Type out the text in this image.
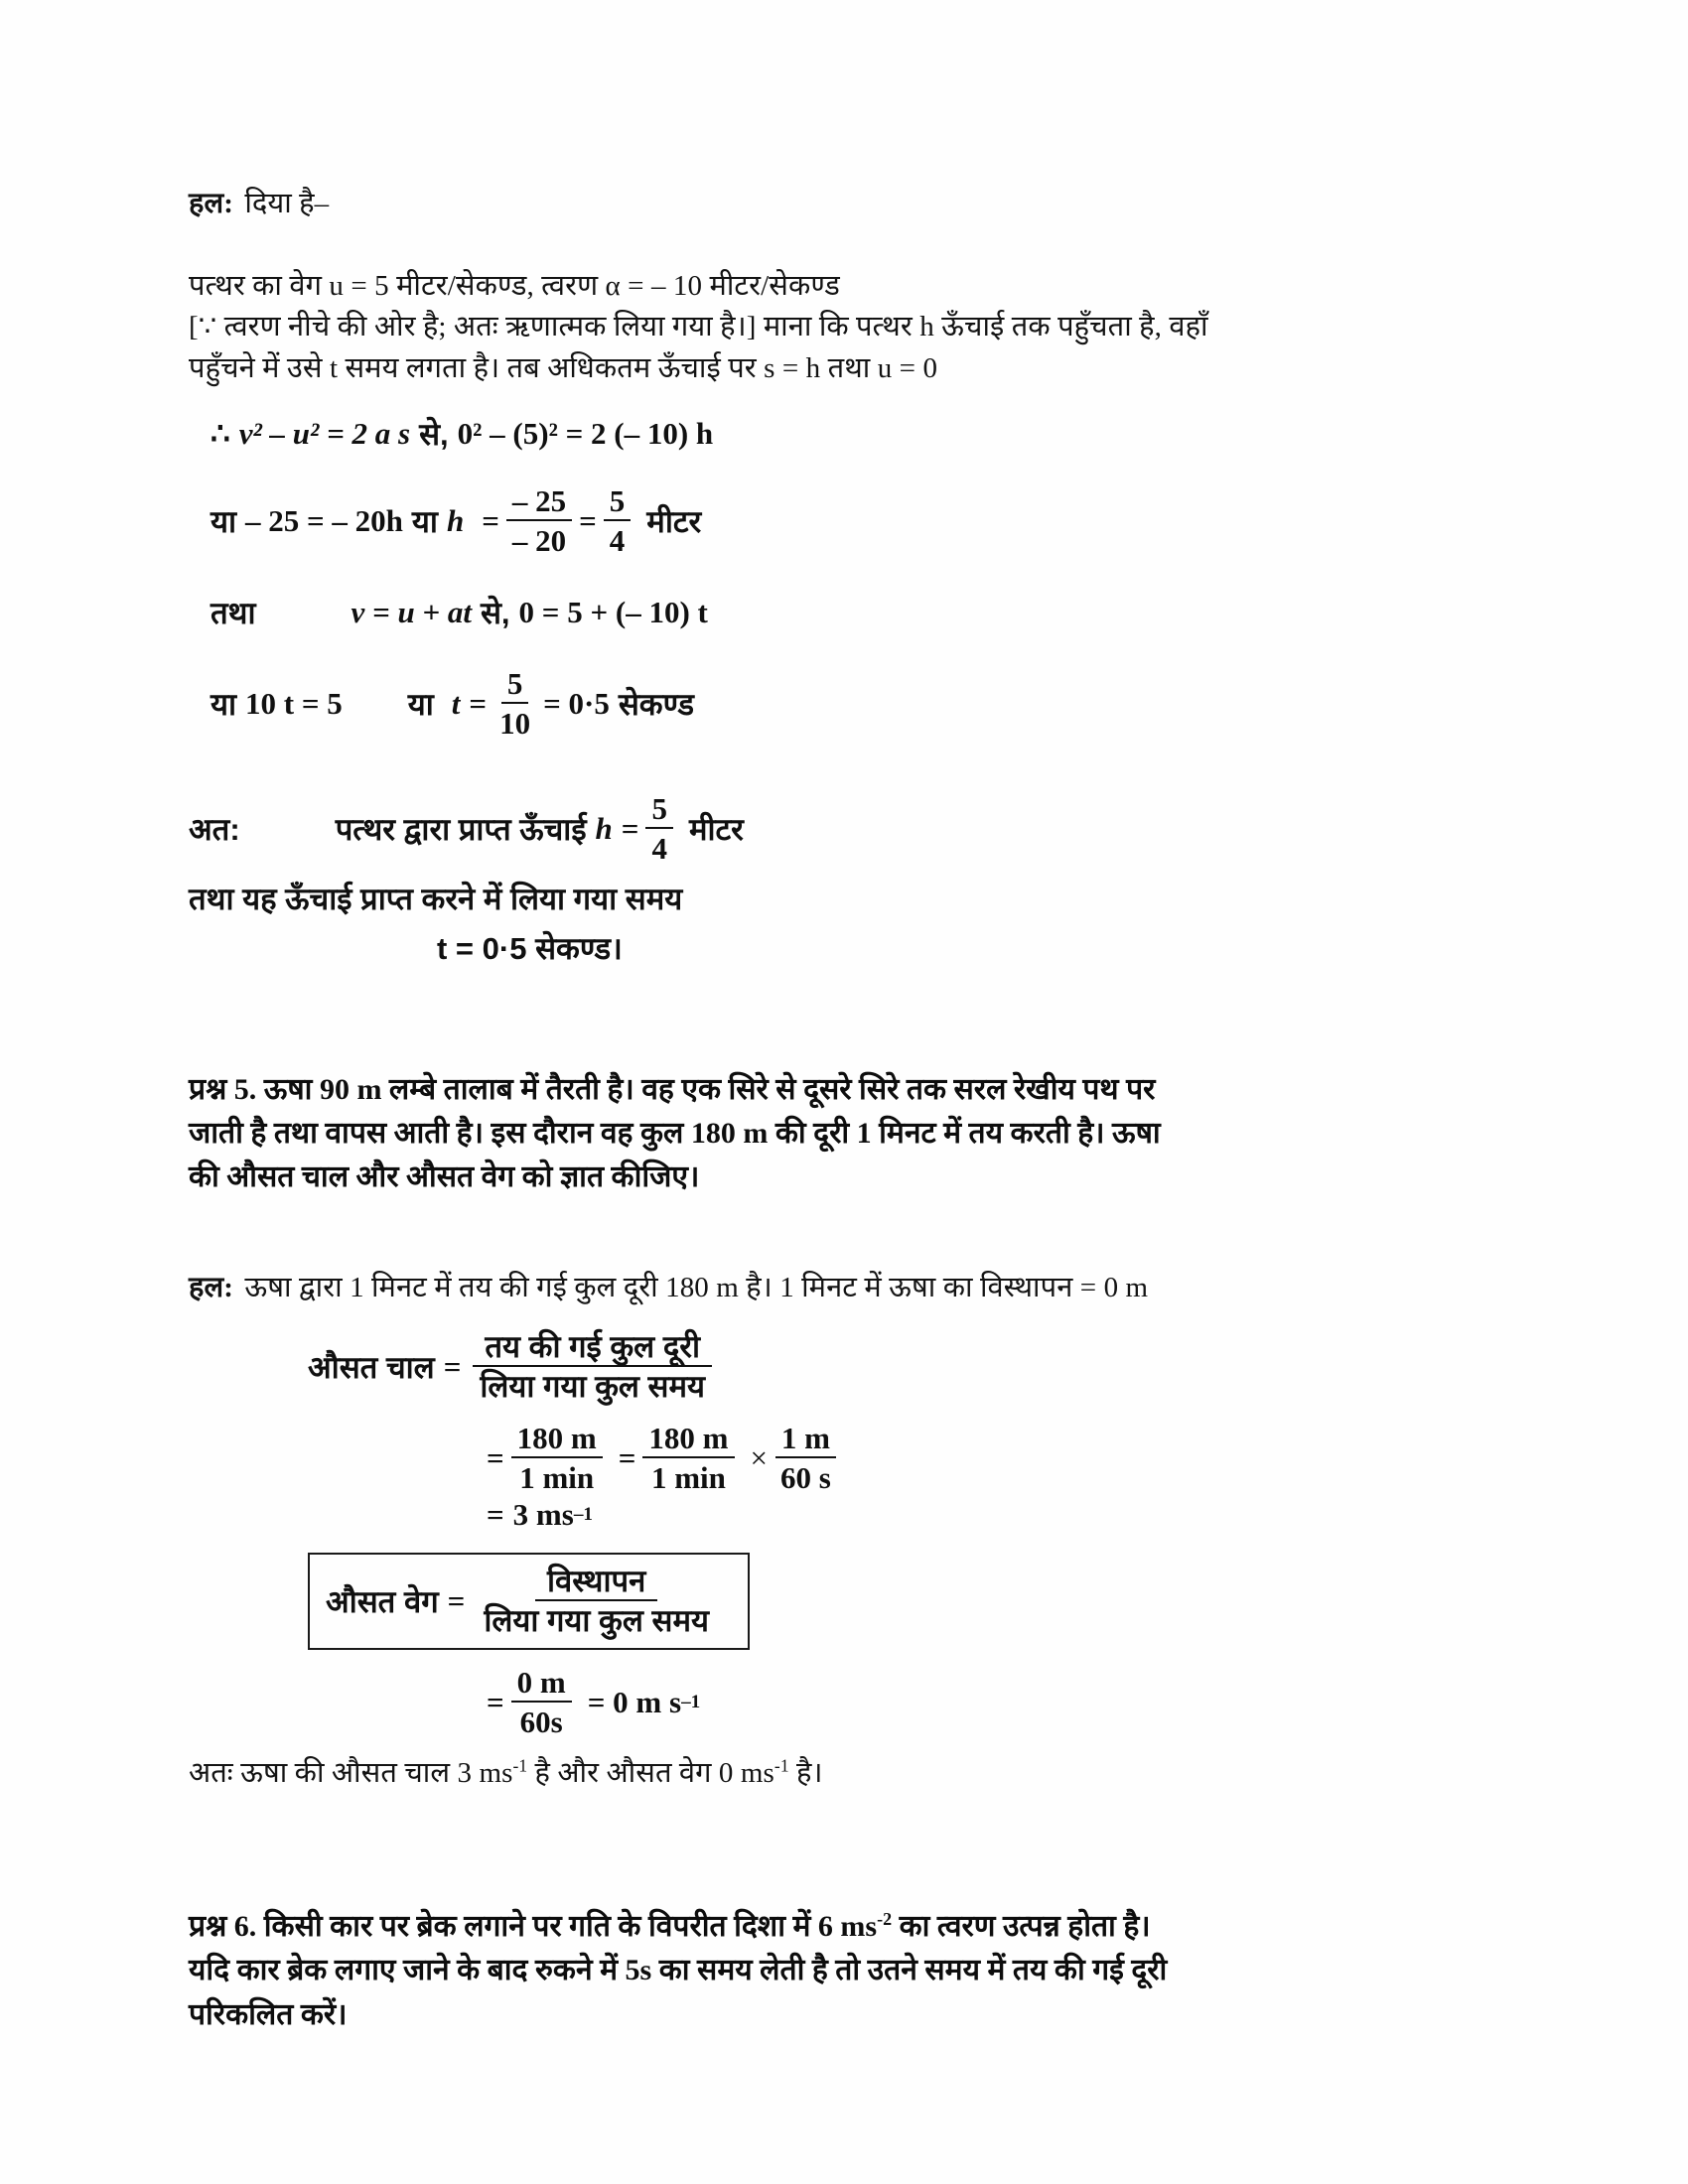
हल: दिया है–
पत्थर का वेग u = 5 मीटर/सेकण्ड, त्वरण α = – 10 मीटर/सेकण्ड
[∵ त्वरण नीचे की ओर है; अतः ऋणात्मक लिया गया है।] माना कि पत्थर h ऊँचाई तक पहुँचता है, वहाँ
पहुँचने में उसे t समय लगता है। तब अधिकतम ऊँचाई पर s = h तथा u = 0
∴ v² – u² = 2 a s से, 0² – (5)² = 2 (– 10) h
या – 25 = – 20h या $h = \frac{- 25}{- 20} = \frac{5}{4}$ मीटर
तथा	v = u + at से, 0 = 5 + (– 10) t
या 10 t = 5 या $t = \frac{5}{10} = 0\cdot 5$ सेकण्ड
अत:	पत्थर द्वारा प्राप्त ऊँचाई $h = \frac{5}{4}$ मीटर
तथा यह ऊँचाई प्राप्त करने में लिया गया समय
t = 0·5 सेकण्ड।
प्रश्न 5. ऊषा 90 m लम्बे तालाब में तैरती है। वह एक सिरे से दूसरे सिरे तक सरल रेखीय पथ पर
जाती है तथा वापस आती है। इस दौरान वह कुल 180 m की दूरी 1 मिनट में तय करती है। ऊषा
की औसत चाल और औसत वेग को ज्ञात कीजिए।
हल: ऊषा द्वारा 1 मिनट में तय की गई कुल दूरी 180 m है। 1 मिनट में ऊषा का विस्थापन = 0 m
औसत चाल = $\frac{\text{तय की गई कुल दूरी}}{\text{लिया गया कुल समय}}$
= $\frac{180 m}{1 \min} = \frac{180 m}{1 \min} \times \frac{1 m}{60 s}$
= 3 ms –1
औसत वेग = $\frac{\text{विस्थापन}}{\text{लिया गया कुल समय}}$
= $\frac{0 m}{60s} = 0$ m s –1
अतः ऊषा की औसत चाल 3 $ms^{-1}$ है और औसत वेग 0 $ms^{-1}$ है।
प्रश्न 6. किसी कार पर ब्रेक लगाने पर गति के विपरीत दिशा में 6 $ms^{-2}$ का त्वरण उत्पन्न होता है।
यदि कार ब्रेक लगाए जाने के बाद रुकने में 5s का समय लेती है तो उतने समय में तय की गई दूरी
परिकलित करें।
